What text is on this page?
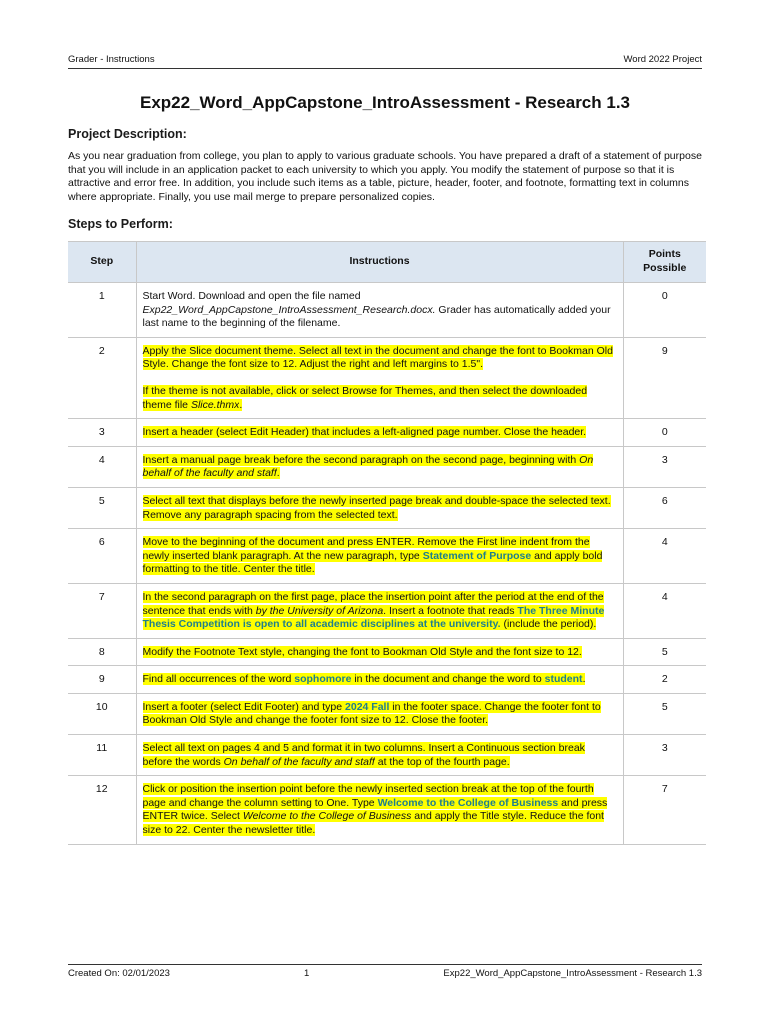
Grader - Instructions	Word 2022 Project
Exp22_Word_AppCapstone_IntroAssessment - Research 1.3
Project Description:
As you near graduation from college, you plan to apply to various graduate schools. You have prepared a draft of a statement of purpose that you will include in an application packet to each university to which you apply. You modify the statement of purpose so that it is attractive and error free. In addition, you include such items as a table, picture, header, footer, and footnote, formatting text in columns where appropriate. Finally, you use mail merge to prepare personalized copies.
Steps to Perform:
Step	Instructions	Points Possible
1	Start Word. Download and open the file named Exp22_Word_AppCapstone_IntroAssessment_Research.docx. Grader has automatically added your last name to the beginning of the filename.	0
2	Apply the Slice document theme. Select all text in the document and change the font to Bookman Old Style. Change the font size to 12. Adjust the right and left margins to 1.5".

If the theme is not available, click or select Browse for Themes, and then select the downloaded theme file Slice.thmx.	9
3	Insert a header (select Edit Header) that includes a left-aligned page number. Close the header.	0
4	Insert a manual page break before the second paragraph on the second page, beginning with On behalf of the faculty and staff.	3
5	Select all text that displays before the newly inserted page break and double-space the selected text. Remove any paragraph spacing from the selected text.	6
6	Move to the beginning of the document and press ENTER. Remove the First line indent from the newly inserted blank paragraph. At the new paragraph, type Statement of Purpose and apply bold formatting to the title. Center the title.	4
7	In the second paragraph on the first page, place the insertion point after the period at the end of the sentence that ends with by the University of Arizona. Insert a footnote that reads The Three Minute Thesis Competition is open to all academic disciplines at the university. (include the period).	4
8	Modify the Footnote Text style, changing the font to Bookman Old Style and the font size to 12.	5
9	Find all occurrences of the word sophomore in the document and change the word to student.	2
10	Insert a footer (select Edit Footer) and type 2024 Fall in the footer space. Change the footer font to Bookman Old Style and change the footer font size to 12. Close the footer.	5
11	Select all text on pages 4 and 5 and format it in two columns. Insert a Continuous section break before the words On behalf of the faculty and staff at the top of the fourth page.	3
12	Click or position the insertion point before the newly inserted section break at the top of the fourth page and change the column setting to One. Type Welcome to the College of Business and press ENTER twice. Select Welcome to the College of Business and apply the Title style. Reduce the font size to 22. Center the newsletter title.	7
Created On: 02/01/2023	1	Exp22_Word_AppCapstone_IntroAssessment - Research 1.3
